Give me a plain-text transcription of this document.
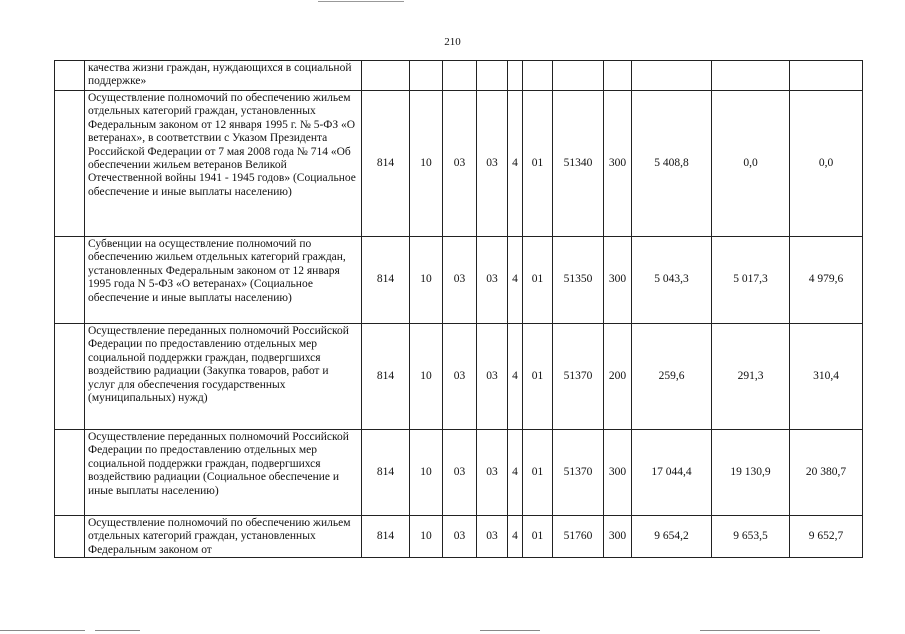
210
	качества жизни граждан, нуждающихся в социальной поддержке»											
	Осуществление полномочий по обеспечению жильем отдельных категорий граждан, установленных Федеральным законом от 12 января 1995 г. № 5-ФЗ «О ветеранах», в соответствии с Указом Президента Российской Федерации от 7 мая 2008 года № 714 «Об обеспечении жильем ветеранов Великой Отечественной войны 1941 - 1945 годов» (Социальное обеспечение и иные выплаты населению)	814	10	03	03	4	01	51340	300	5 408,8	0,0	0,0
	Субвенции на осуществление полномочий по обеспечению жильем отдельных категорий граждан, установленных Федеральным законом от 12 января 1995 года N 5-ФЗ «О ветеранах» (Социальное обеспечение и иные выплаты населению)	814	10	03	03	4	01	51350	300	5 043,3	5 017,3	4 979,6
	Осуществление переданных полномочий Российской Федерации по предоставлению отдельных мер социальной поддержки граждан, подвергшихся воздействию радиации (Закупка товаров, работ и услуг для обеспечения государственных (муниципальных) нужд)	814	10	03	03	4	01	51370	200	259,6	291,3	310,4
	Осуществление переданных полномочий Российской Федерации по предоставлению отдельных мер социальной поддержки граждан, подвергшихся воздействию радиации (Социальное обеспечение и иные выплаты населению)	814	10	03	03	4	01	51370	300	17 044,4	19 130,9	20 380,7
	Осуществление полномочий по обеспечению жильем отдельных категорий граждан, установленных Федеральным законом от	814	10	03	03	4	01	51760	300	9 654,2	9 653,5	9 652,7
